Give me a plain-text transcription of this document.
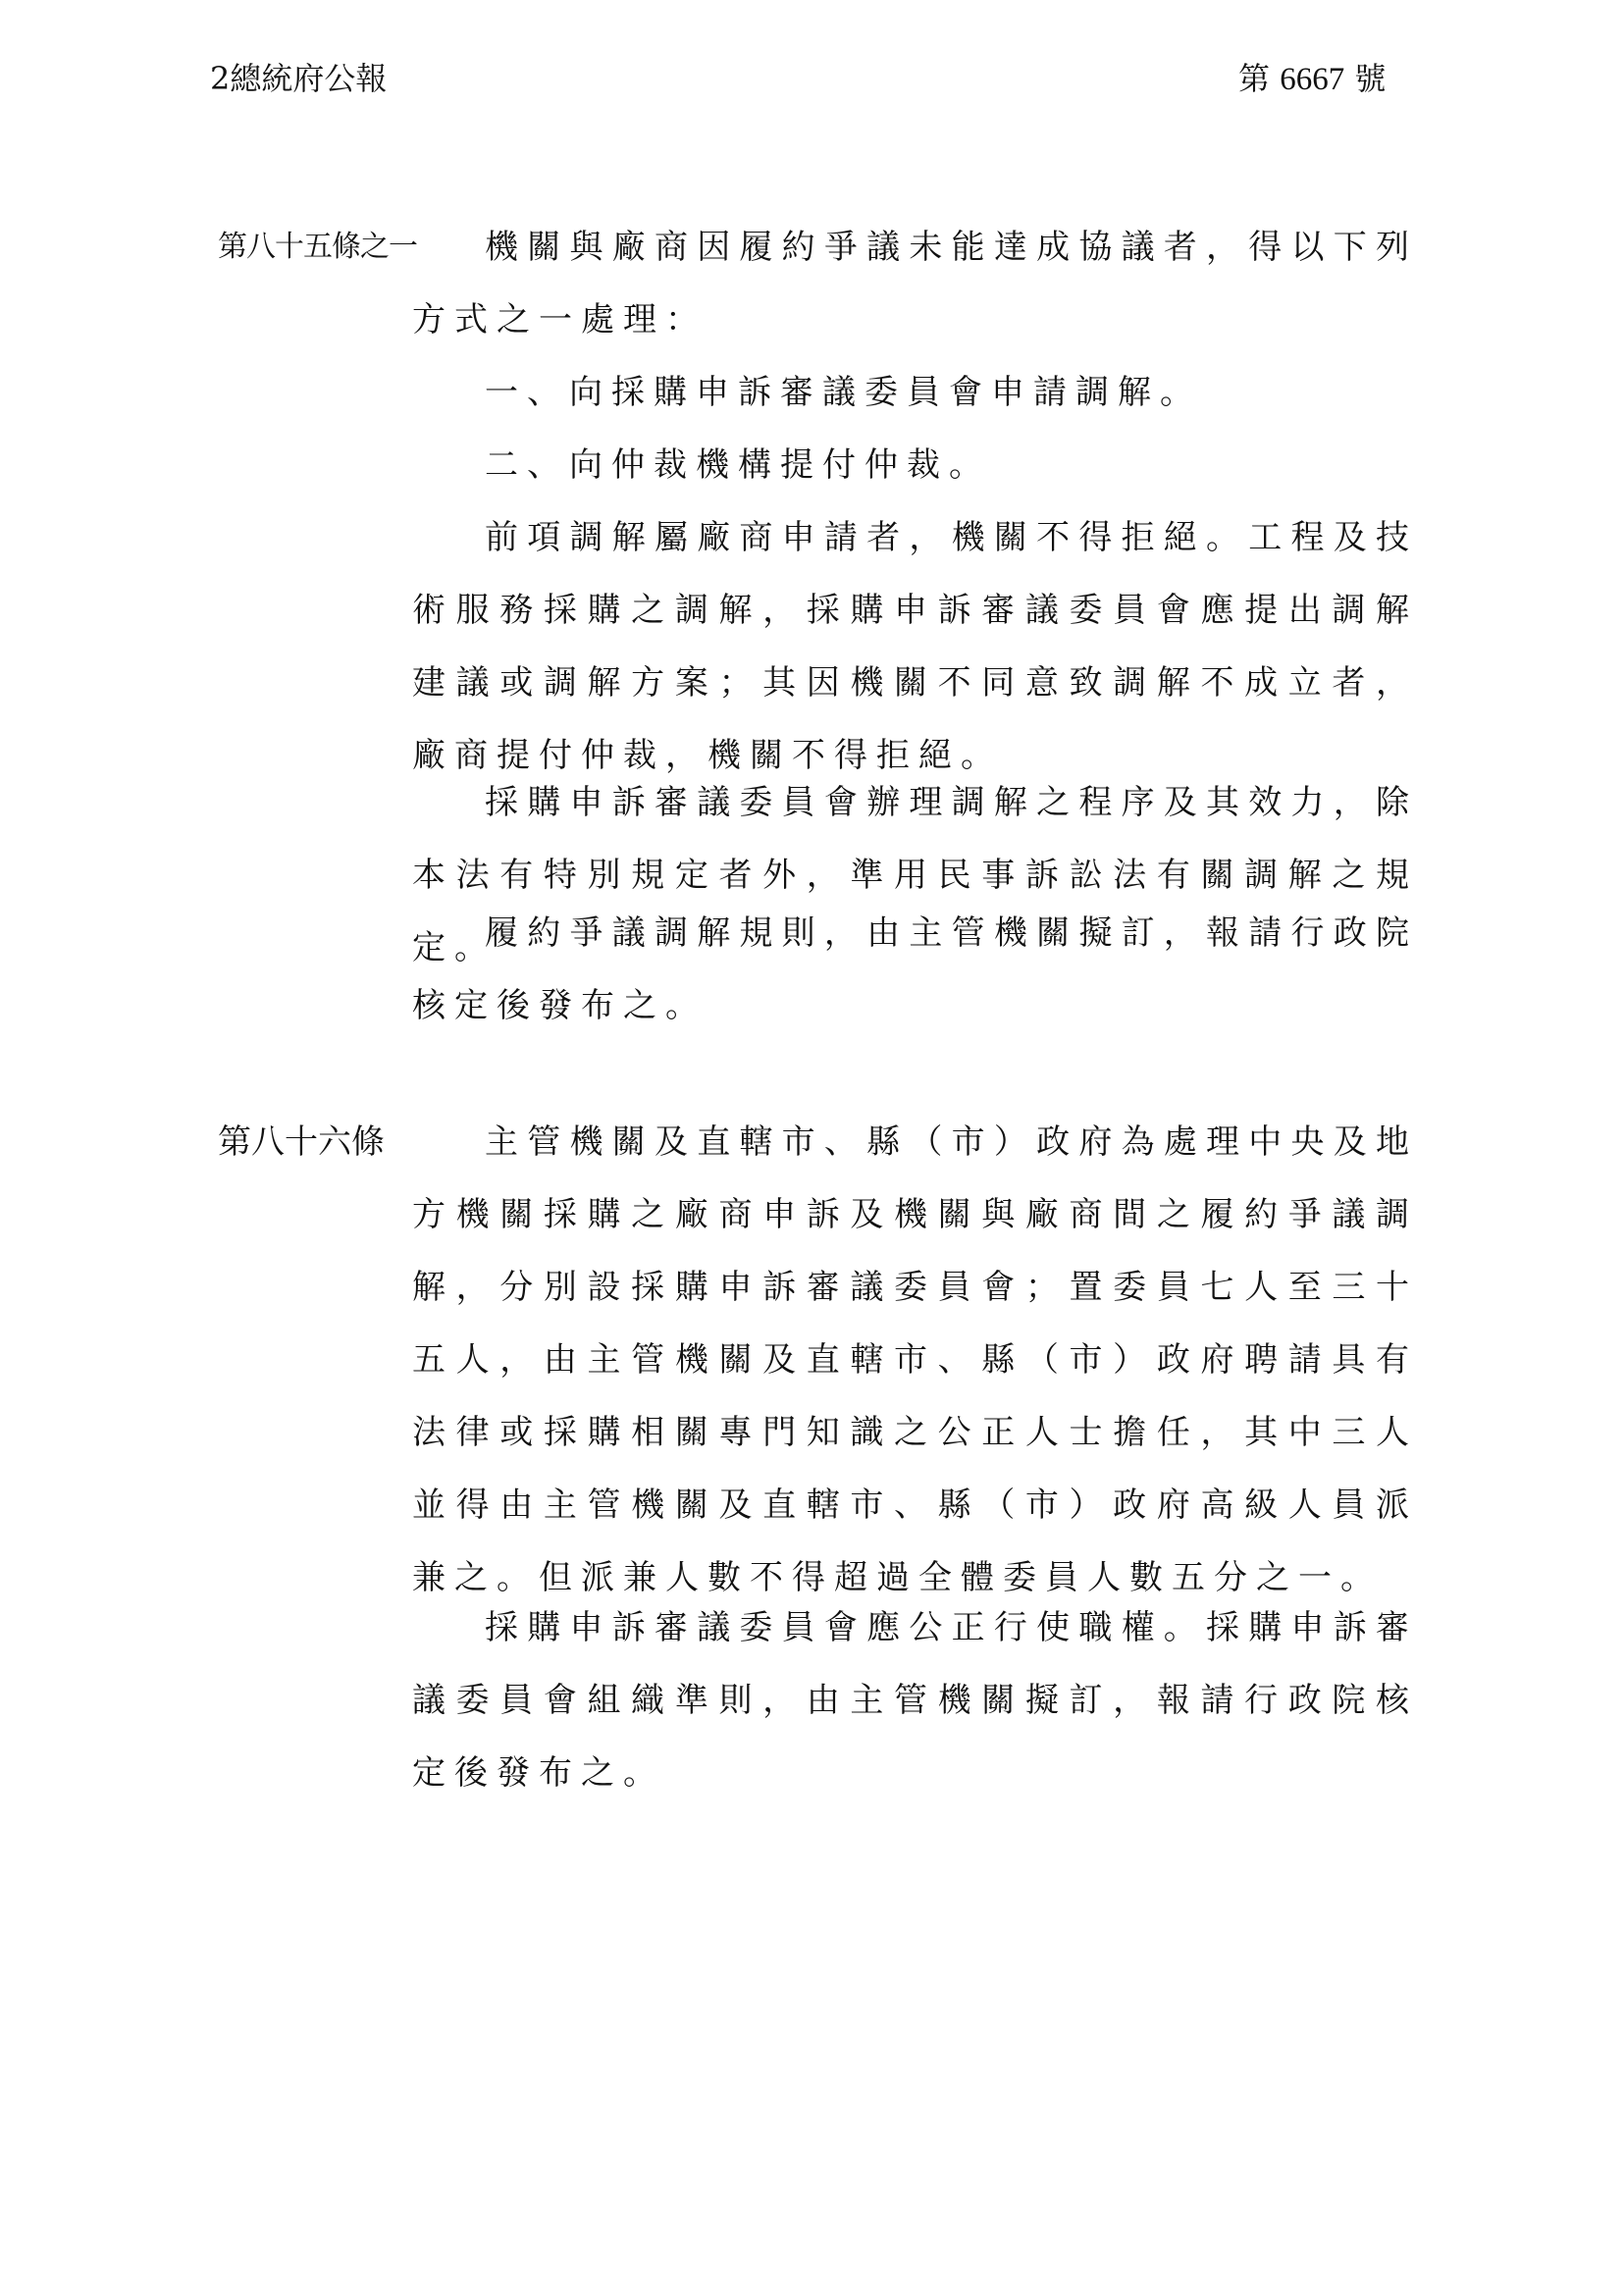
2總統府公報	第 6667 號
第八十五條之一	機關與廠商因履約爭議未能達成協議者，得以下列方式之一處理：

一、向採購申訴審議委員會申請調解。

二、向仲裁機構提付仲裁。

前項調解屬廠商申請者，機關不得拒絕。工程及技術服務採購之調解，採購申訴審議委員會應提出調解建議或調解方案；其因機關不同意致調解不成立者，廠商提付仲裁，機關不得拒絕。

採購申訴審議委員會辦理調解之程序及其效力，除本法有特別規定者外，準用民事訴訟法有關調解之規定。

履約爭議調解規則，由主管機關擬訂，報請行政院核定後發布之。

第八十六條	主管機關及直轄市、縣（市）政府為處理中央及地方機關採購之廠商申訴及機關與廠商間之履約爭議調解，分別設採購申訴審議委員會；置委員七人至三十五人，由主管機關及直轄市、縣（市）政府聘請具有法律或採購相關專門知識之公正人士擔任，其中三人並得由主管機關及直轄市、縣（市）政府高級人員派兼之。但派兼人數不得超過全體委員人數五分之一。

採購申訴審議委員會應公正行使職權。採購申訴審議委員會組織準則，由主管機關擬訂，報請行政院核定後發布之。
